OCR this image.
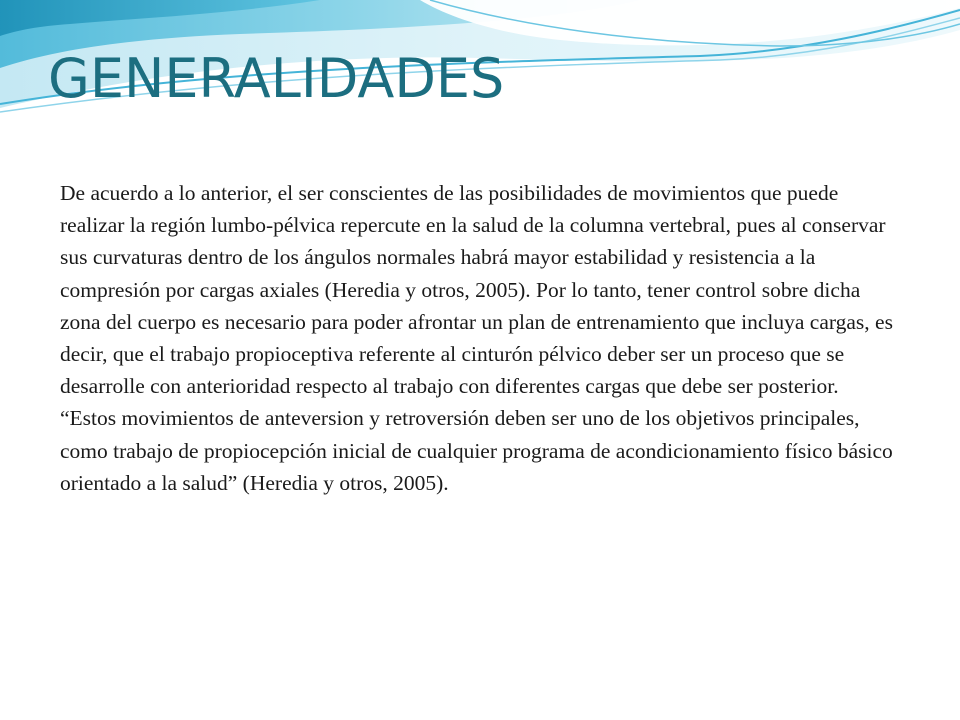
GENERALIDADES

De acuerdo a lo anterior, el ser conscientes de las posibilidades de movimientos que puede realizar la región lumbo-pélvica repercute en la salud de la columna vertebral, pues al conservar sus curvaturas dentro de los ángulos normales habrá mayor estabilidad y resistencia a la compresión por cargas axiales (Heredia y otros, 2005). Por lo tanto, tener control sobre dicha zona del cuerpo es necesario para poder afrontar un plan de entrenamiento que incluya cargas, es decir, que el trabajo propioceptiva referente al cinturón pélvico deber ser un proceso que se desarrolle con anterioridad respecto al trabajo con diferentes cargas que debe ser posterior. “Estos movimientos de anteversion y retroversión deben ser uno de los objetivos principales, como trabajo de propiocepción inicial de cualquier programa de acondicionamiento físico básico orientado a la salud” (Heredia y otros, 2005).
